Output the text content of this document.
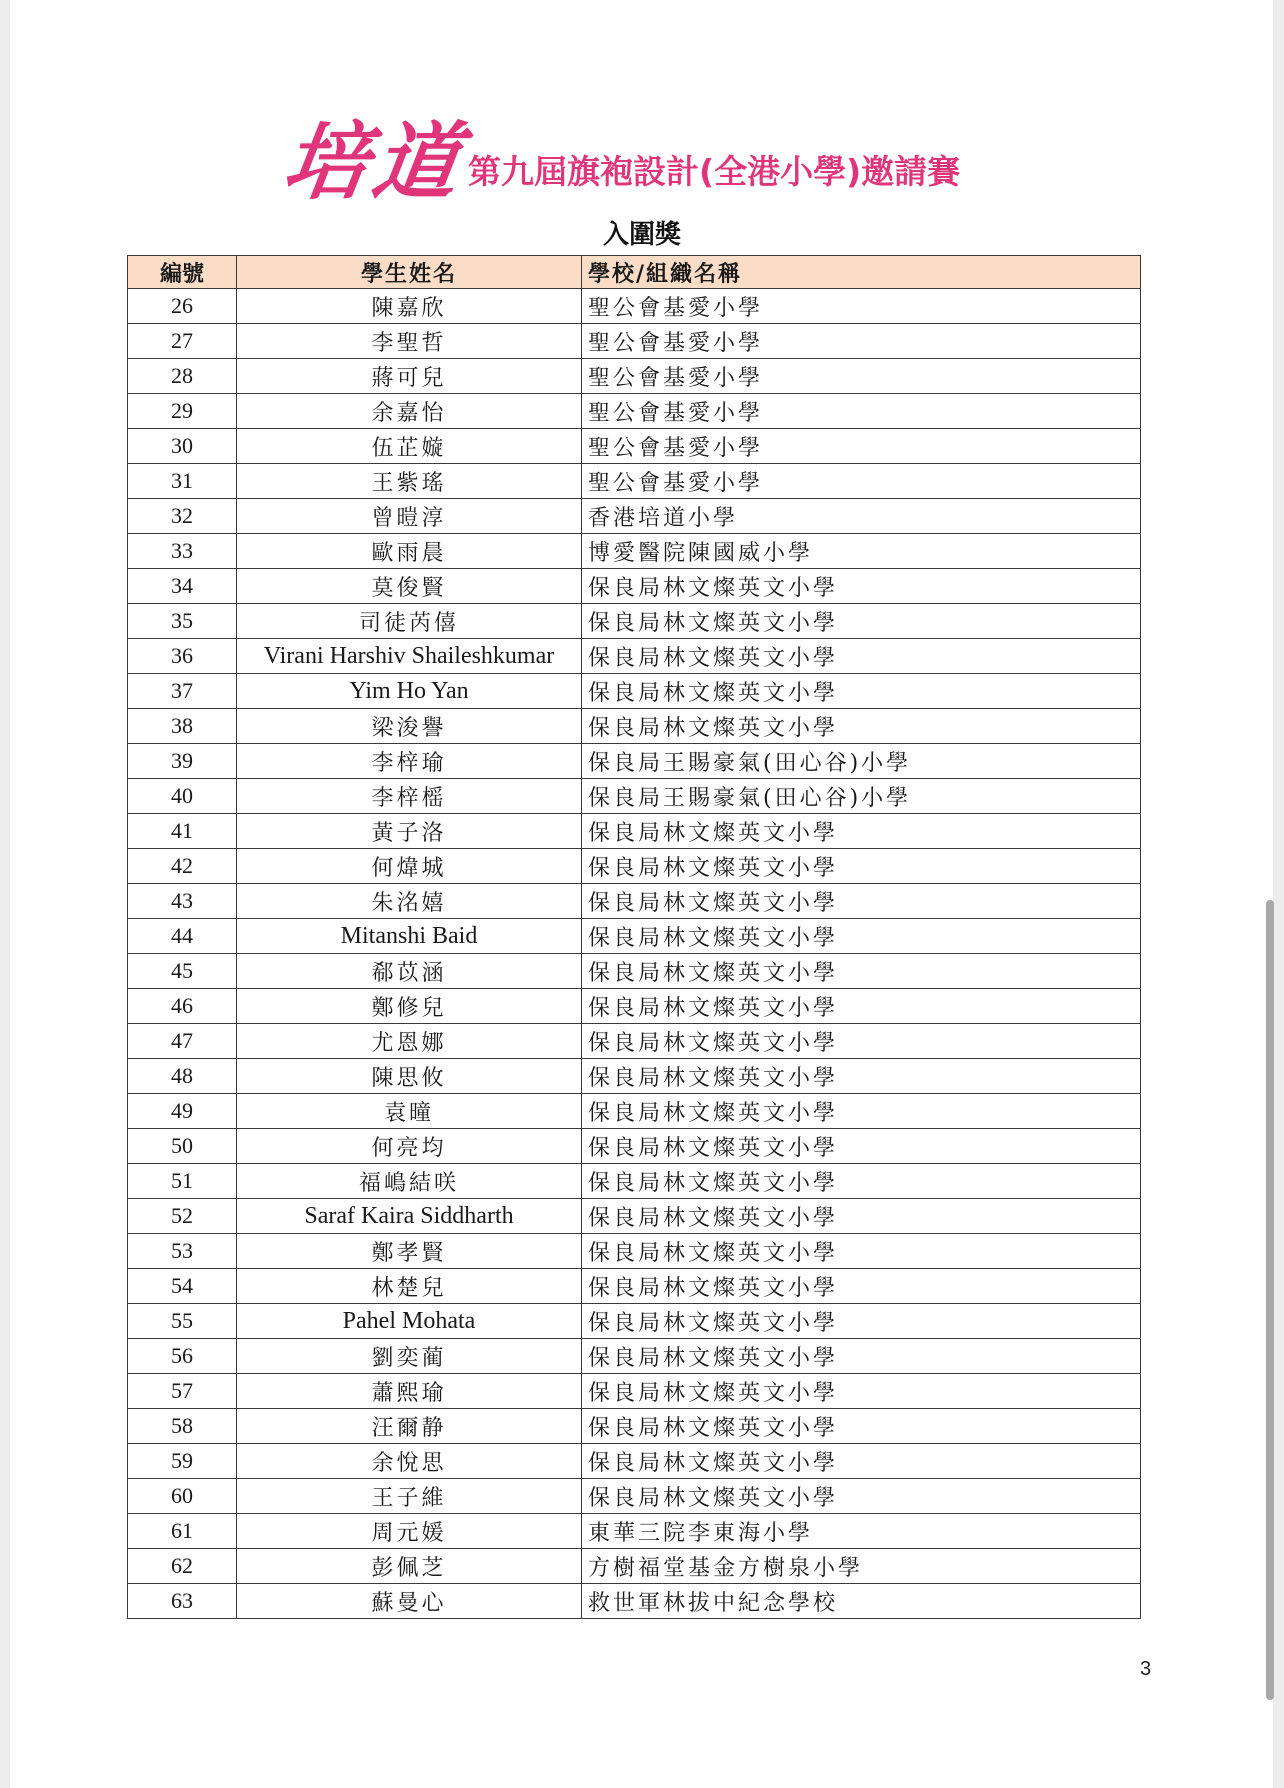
培道
第九屆旗袍設計(全港小學)邀請賽
入圍獎
編號	學生姓名	學校/組織名稱
26	陳嘉欣	聖公會基愛小學
27	李聖哲	聖公會基愛小學
28	蔣可兒	聖公會基愛小學
29	余嘉怡	聖公會基愛小學
30	伍芷嫙	聖公會基愛小學
31	王紫瑤	聖公會基愛小學
32	曾暟淳	香港培道小學
33	歐雨晨	博愛醫院陳國威小學
34	莫俊賢	保良局林文燦英文小學
35	司徒芮僖	保良局林文燦英文小學
36	Virani Harshiv Shaileshkumar	保良局林文燦英文小學
37	Yim Ho Yan	保良局林文燦英文小學
38	梁浚譽	保良局林文燦英文小學
39	李梓瑜	保良局王賜豪氣(田心谷)小學
40	李梓榣	保良局王賜豪氣(田心谷)小學
41	黃子洛	保良局林文燦英文小學
42	何煒城	保良局林文燦英文小學
43	朱洺嬉	保良局林文燦英文小學
44	Mitanshi Baid	保良局林文燦英文小學
45	郗苡涵	保良局林文燦英文小學
46	鄭修兒	保良局林文燦英文小學
47	尤恩娜	保良局林文燦英文小學
48	陳思攸	保良局林文燦英文小學
49	袁曈	保良局林文燦英文小學
50	何亮均	保良局林文燦英文小學
51	福嶋結咲	保良局林文燦英文小學
52	Saraf Kaira Siddharth	保良局林文燦英文小學
53	鄭孝賢	保良局林文燦英文小學
54	林楚兒	保良局林文燦英文小學
55	Pahel Mohata	保良局林文燦英文小學
56	劉奕蔺	保良局林文燦英文小學
57	蕭熙瑜	保良局林文燦英文小學
58	汪爾静	保良局林文燦英文小學
59	余悅思	保良局林文燦英文小學
60	王子維	保良局林文燦英文小學
61	周元媛	東華三院李東海小學
62	彭佩芝	方樹福堂基金方樹泉小學
63	蘇曼心	救世軍林拔中紀念學校
3
